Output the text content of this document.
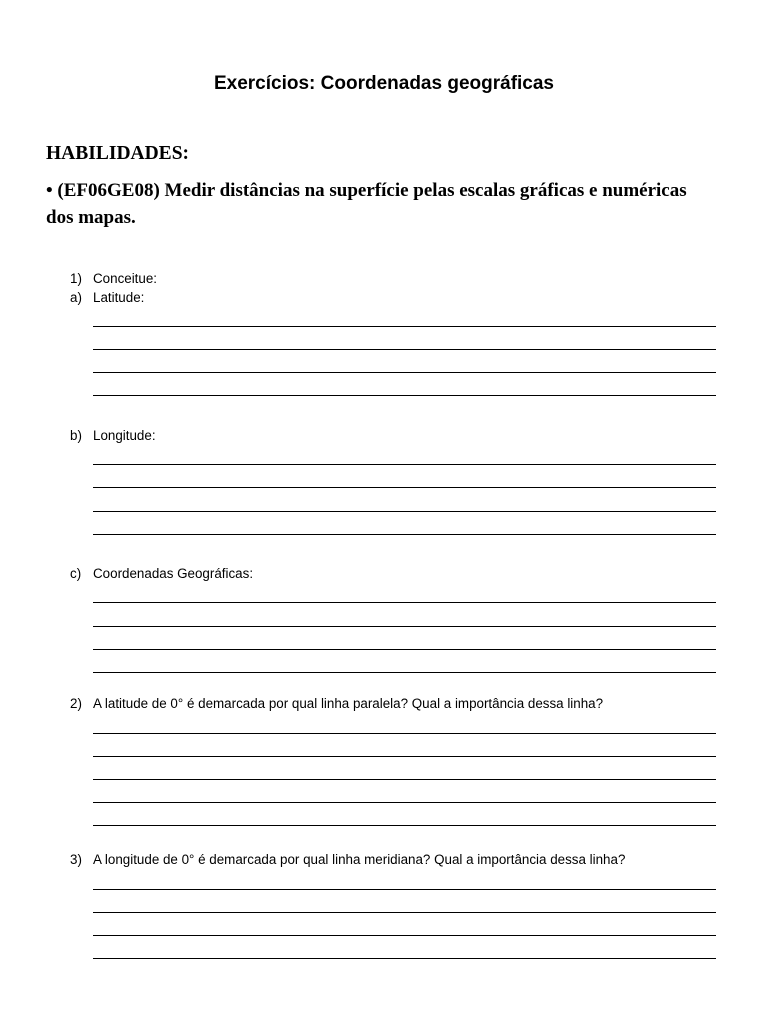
Exercícios: Coordenadas geográficas
HABILIDADES:

• (EF06GE08) Medir distâncias na superfície pelas escalas gráficas e numéricas dos mapas.

1) Conceitue:
a) Latitude:
b) Longitude:
c) Coordenadas Geográficas:
2) A latitude de 0° é demarcada por qual linha paralela? Qual a importância dessa linha?
3) A longitude de 0° é demarcada por qual linha meridiana? Qual a importância dessa linha?
